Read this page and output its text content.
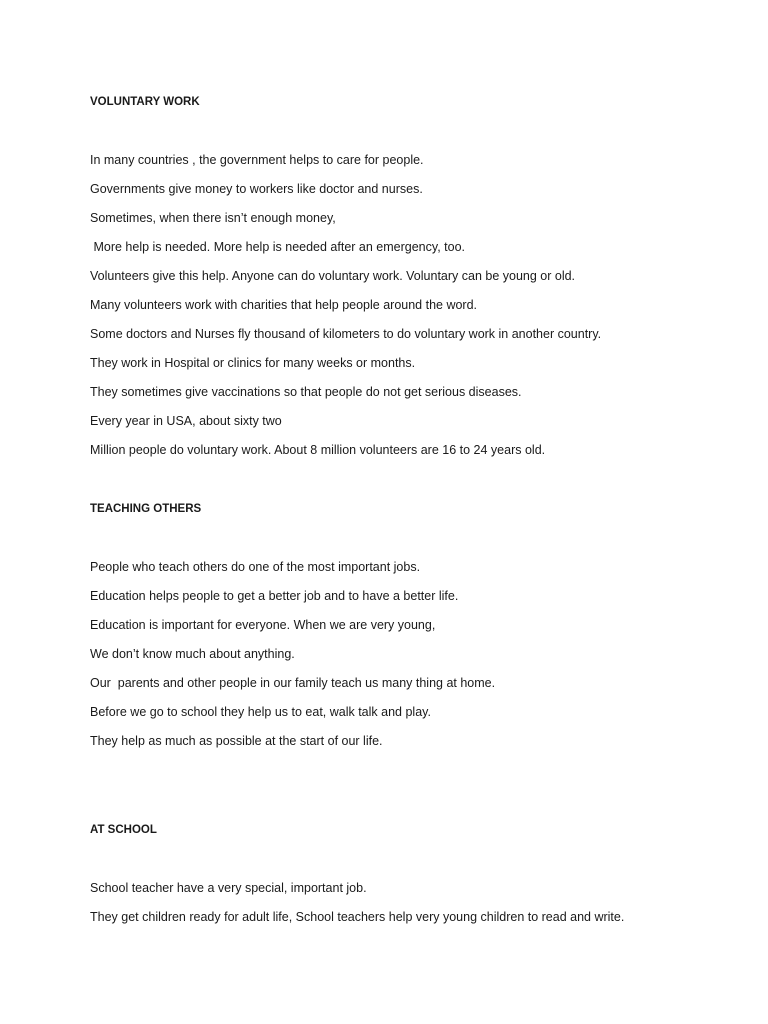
VOLUNTARY WORK
In many countries , the government helps to care for people.
Governments give money to workers like doctor and nurses.
Sometimes, when there isn’t enough money,
More help is needed. More help is needed after an emergency, too.
Volunteers give this help. Anyone can do voluntary work. Voluntary can be young or old.
Many volunteers work with charities that help people around the word.
Some doctors and Nurses fly thousand of kilometers to do voluntary work in another country.
They work in Hospital or clinics for many weeks or months.
They sometimes give vaccinations so that people do not get serious diseases.
Every year in USA, about sixty two
Million people do voluntary work. About 8 million volunteers are 16 to 24 years old.
TEACHING OTHERS
People who teach others do one of the most important jobs.
Education helps people to get a better job and to have a better life.
Education is important for everyone. When we are very young,
We don’t know much about anything.
Our  parents and other people in our family teach us many thing at home.
Before we go to school they help us to eat, walk talk and play.
They help as much as possible at the start of our life.
AT SCHOOL
School teacher have a very special, important job.
They get children ready for adult life, School teachers help very young children to read and write.
